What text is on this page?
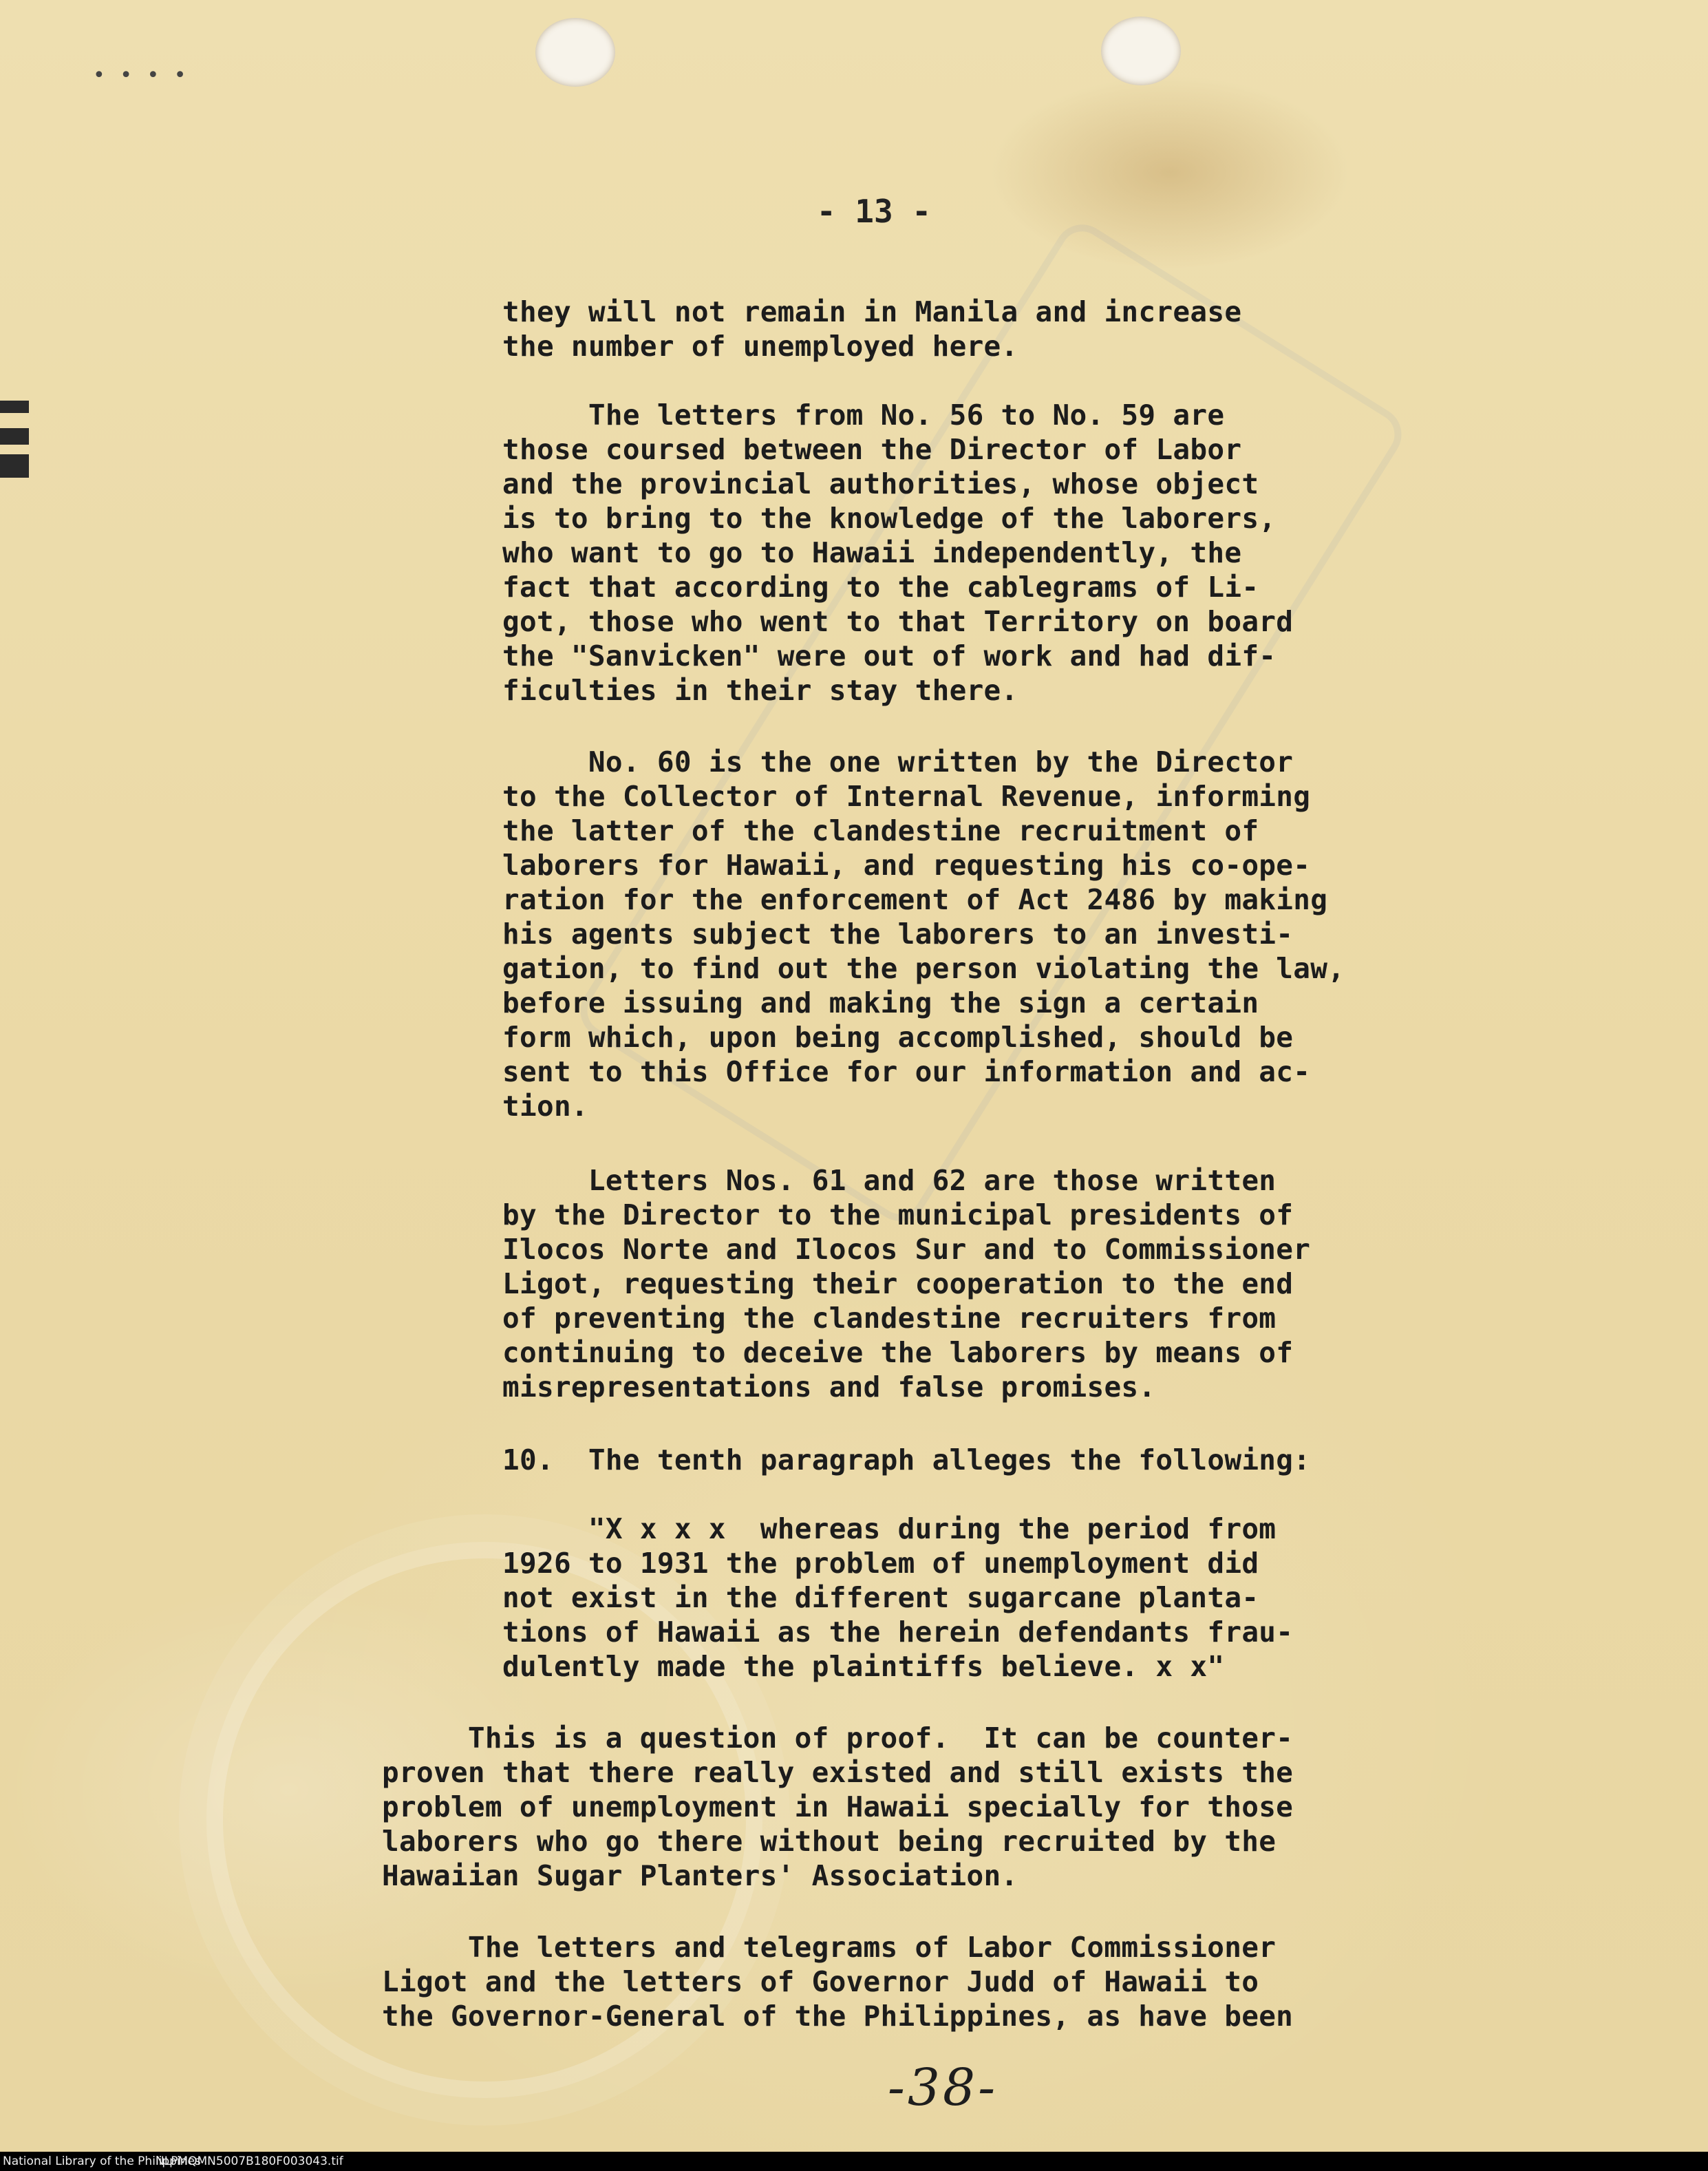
• • • •
- 13 -
they will not remain in Manila and increase
the number of unemployed here.
The letters from No. 56 to No. 59 are
those coursed between the Director of Labor
and the provincial authorities, whose object
is to bring to the knowledge of the laborers,
who want to go to Hawaii independently, the
fact that according to the cablegrams of Li-
got, those who went to that Territory on board
the "Sanvicken" were out of work and had dif-
ficulties in their stay there.
No. 60 is the one written by the Director
to the Collector of Internal Revenue, informing
the latter of the clandestine recruitment of
laborers for Hawaii, and requesting his co-ope-
ration for the enforcement of Act 2486 by making
his agents subject the laborers to an investi-
gation, to find out the person violating the law,
before issuing and making the sign a certain
form which, upon being accomplished, should be
sent to this Office for our information and ac-
tion.
Letters Nos. 61 and 62 are those written
by the Director to the municipal presidents of
Ilocos Norte and Ilocos Sur and to Commissioner
Ligot, requesting their cooperation to the end
of preventing the clandestine recruiters from
continuing to deceive the laborers by means of
misrepresentations and false promises.
10.  The tenth paragraph alleges the following:
"X x x x  whereas during the period from
1926 to 1931 the problem of unemployment did
not exist in the different sugarcane planta-
tions of Hawaii as the herein defendants frau-
dulently made the plaintiffs believe. x x"
This is a question of proof.  It can be counter-
proven that there really existed and still exists the
problem of unemployment in Hawaii specially for those
laborers who go there without being recruited by the
Hawaiian Sugar Planters' Association.
The letters and telegrams of Labor Commissioner
Ligot and the letters of Governor Judd of Hawaii to
the Governor-General of the Philippines, as have been
-38-
National Library of the Philippines
NLPMQMN5007B180F003043.tif
